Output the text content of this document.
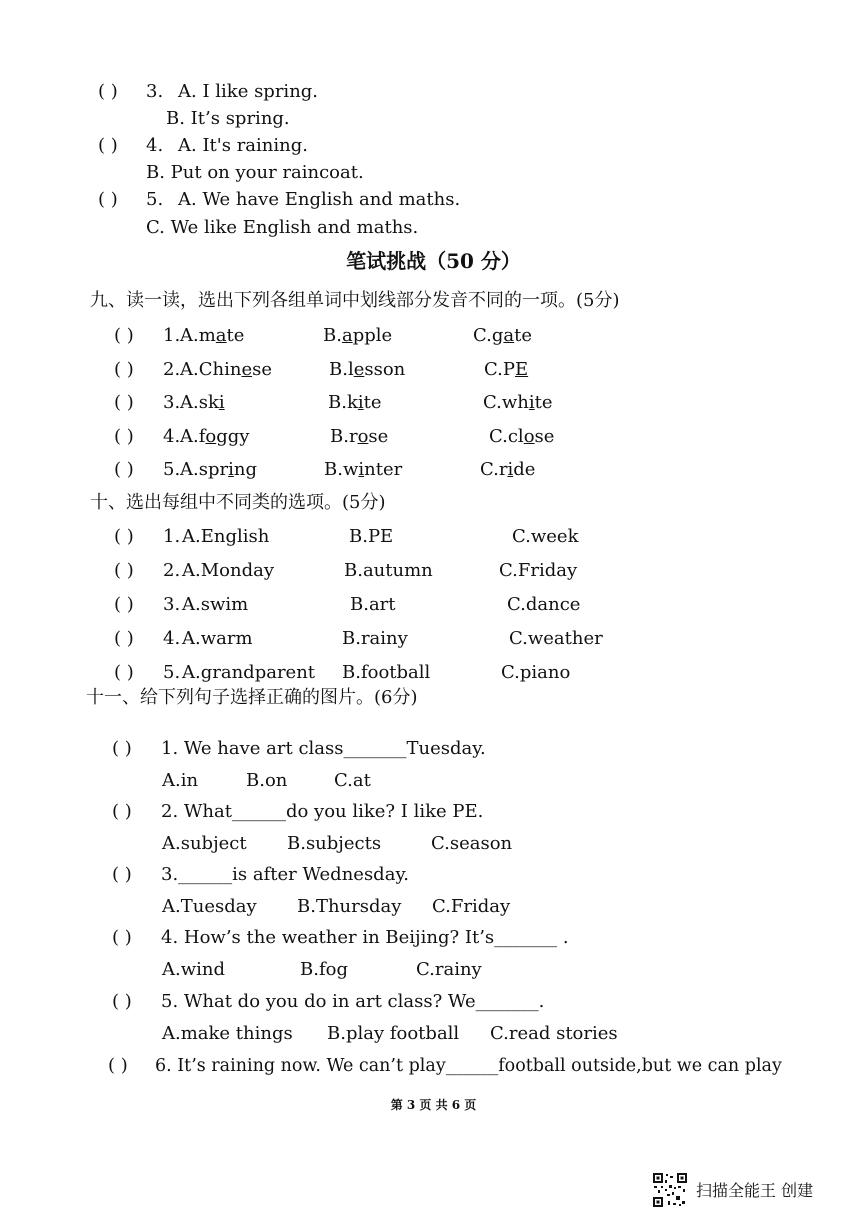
( ) 3. A. I like spring.
B. It’s spring.
( ) 4. A. It's raining.
B. Put on your raincoat.
( ) 5. A. We have English and maths.
C. We like English and maths.
笔试挑战（50 分）
九、读一读，选出下列各组单词中划线部分发音不同的一项。(5分)
( ) 1. A.mate	B.apple	C.gate
( ) 2. A.Chinese	B.lesson	C.PE
( ) 3. A.ski	B.kite	C.white
( ) 4. A.foggy	B.rose	C.close
( ) 5. A.spring	B.winter	C.ride
十、选出每组中不同类的选项。(5分)
( ) 1. A.English	B.PE	C.week
( ) 2. A.Monday	B.autumn	C.Friday
( ) 3. A.swim	B.art	C.dance
( ) 4. A.warm	B.rainy	C.weather
( ) 5. A.grandparent B.football	C.piano
十一、给下列句子选择正确的图片。(6分)
( ) 1. We have art class_______Tuesday.
A.in	B.on	C.at
( ) 2. What______do you like? I like PE.
A.subject B.subjects	C.season
( ) 3.______is after Wednesday.
A.Tuesday B.Thursday C.Friday
( ) 4. How’s the weather in Beijing? It’s_______ .
A.wind	B.fog	C.rainy
( ) 5. What do you do in art class? We_______.
A.make things B.play football C.read stories
( ) 6. It’s raining now. We can’t play______football outside,but we can play
第 3 页 共 6 页
扫描全能王 创建
